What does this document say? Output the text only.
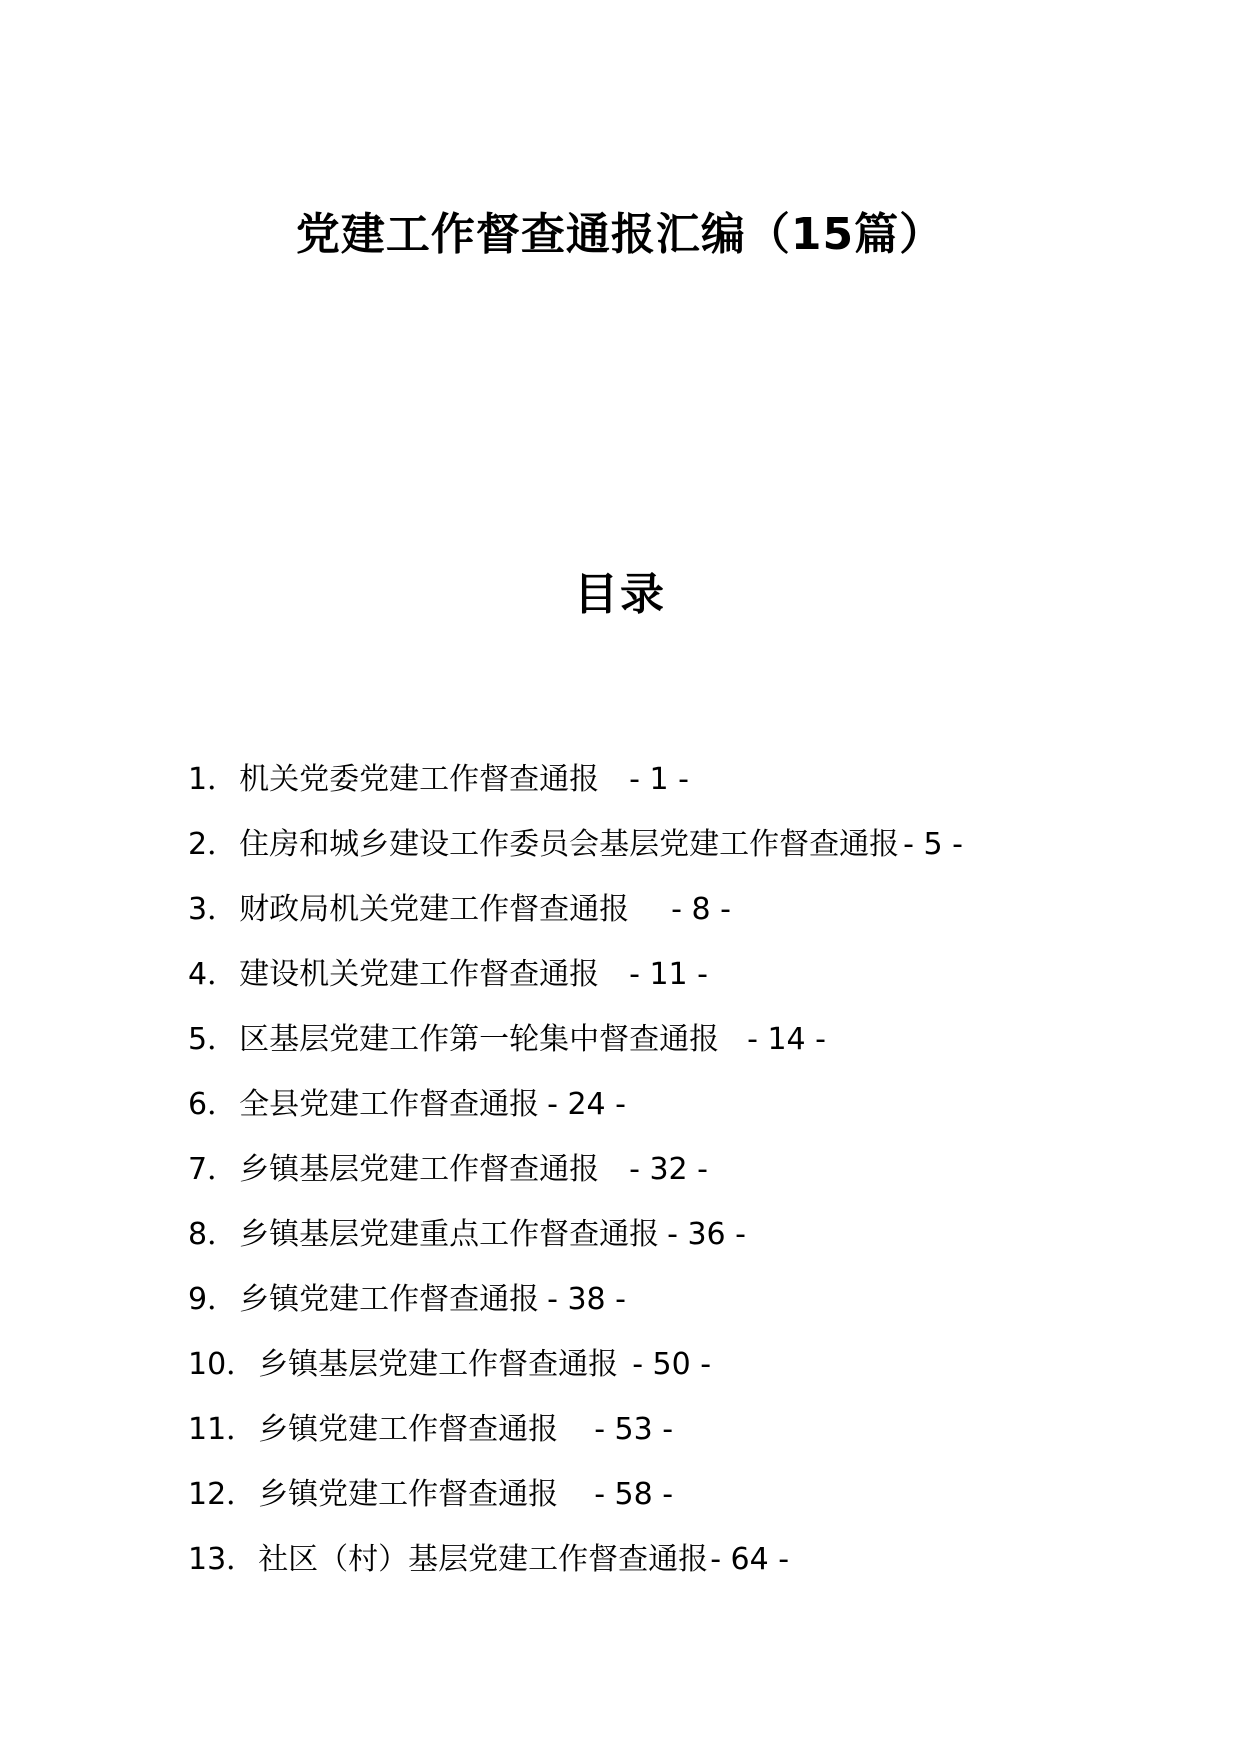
党建工作督查通报汇编（15篇）
目录
1．机关党委党建工作督查通报 - 1 -
2．住房和城乡建设工作委员会基层党建工作督查通报 - 5 -
3．财政局机关党建工作督查通报 - 8 -
4．建设机关党建工作督查通报 - 11 -
5．区基层党建工作第一轮集中督查通报 - 14 -
6．全县党建工作督查通报 - 24 -
7．乡镇基层党建工作督查通报 - 32 -
8．乡镇基层党建重点工作督查通报 - 36 -
9．乡镇党建工作督查通报 - 38 -
10．乡镇基层党建工作督查通报 - 50 -
11．乡镇党建工作督查通报 - 53 -
12．乡镇党建工作督查通报 - 58 -
13．社区（村）基层党建工作督查通报- 64 -
